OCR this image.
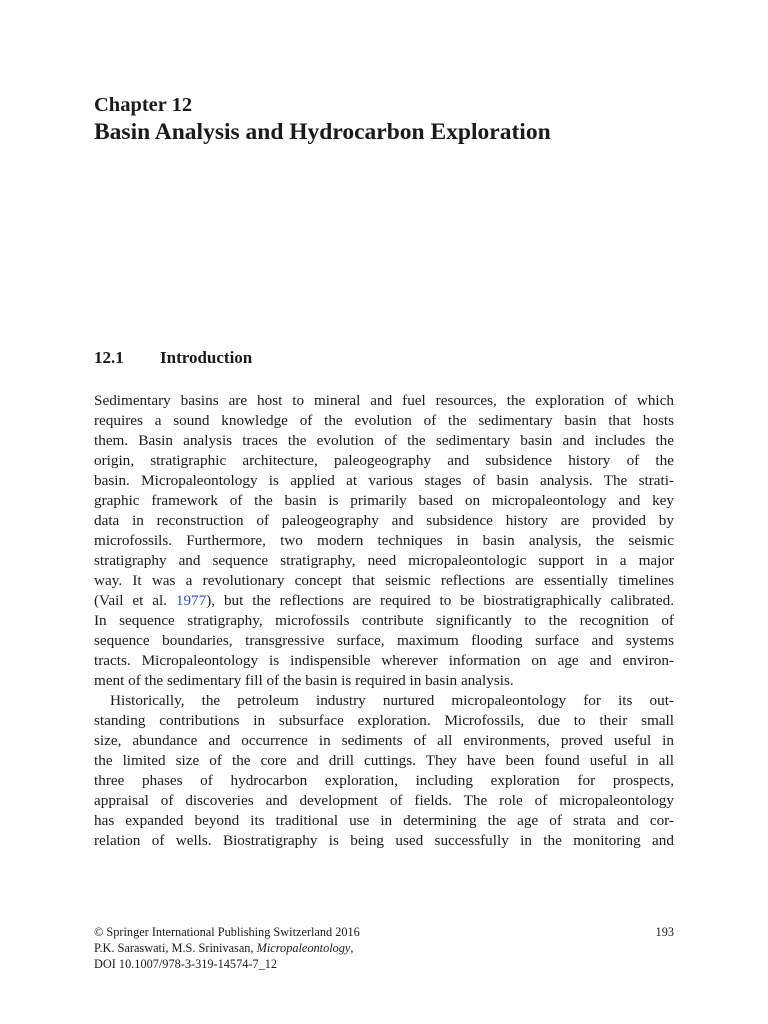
Chapter 12
Basin Analysis and Hydrocarbon Exploration
12.1 Introduction
Sedimentary basins are host to mineral and fuel resources, the exploration of which
requires a sound knowledge of the evolution of the sedimentary basin that hosts
them. Basin analysis traces the evolution of the sedimentary basin and includes the
origin, stratigraphic architecture, paleogeography and subsidence history of the
basin. Micropaleontology is applied at various stages of basin analysis. The strati-
graphic framework of the basin is primarily based on micropaleontology and key
data in reconstruction of paleogeography and subsidence history are provided by
microfossils. Furthermore, two modern techniques in basin analysis, the seismic
stratigraphy and sequence stratigraphy, need micropaleontologic support in a major
way. It was a revolutionary concept that seismic reflections are essentially timelines
(Vail et al. 1977), but the reflections are required to be biostratigraphically calibrated.
In sequence stratigraphy, microfossils contribute significantly to the recognition of
sequence boundaries, transgressive surface, maximum flooding surface and systems
tracts. Micropaleontology is indispensible wherever information on age and environ-
ment of the sedimentary fill of the basin is required in basin analysis.
Historically, the petroleum industry nurtured micropaleontology for its out-
standing contributions in subsurface exploration. Microfossils, due to their small
size, abundance and occurrence in sediments of all environments, proved useful in
the limited size of the core and drill cuttings. They have been found useful in all
three phases of hydrocarbon exploration, including exploration for prospects,
appraisal of discoveries and development of fields. The role of micropaleontology
has expanded beyond its traditional use in determining the age of strata and cor-
relation of wells. Biostratigraphy is being used successfully in the monitoring and
193
© Springer International Publishing Switzerland 2016
P.K. Saraswati, M.S. Srinivasan, Micropaleontology,
DOI 10.1007/978-3-319-14574-7_12
